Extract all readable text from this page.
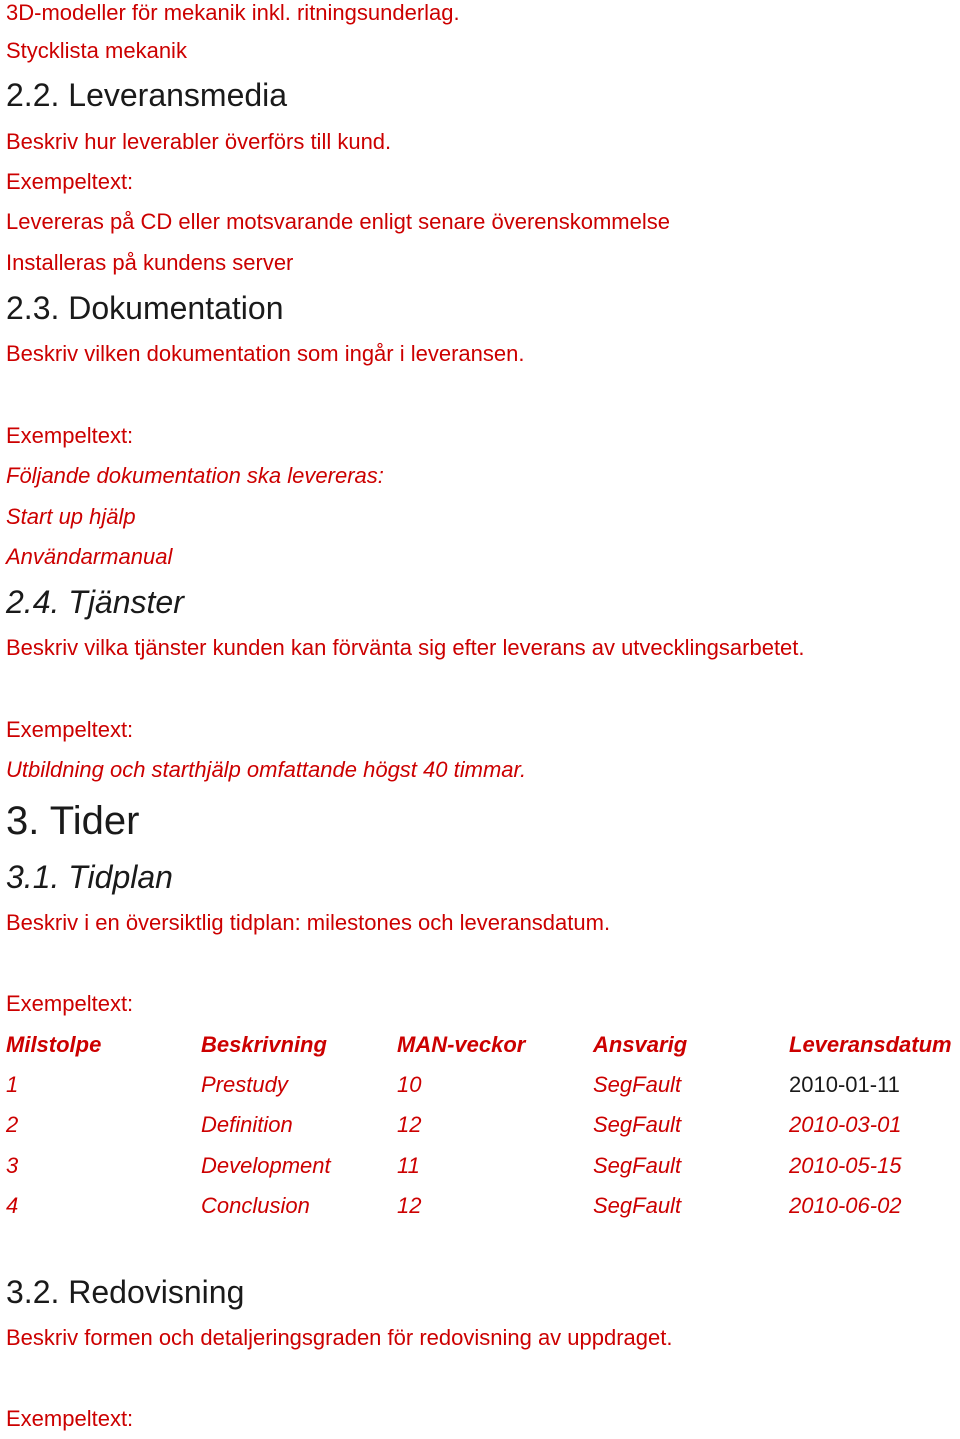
3D-modeller för mekanik inkl. ritningsunderlag.
Stycklista mekanik
2.2. Leveransmedia
Beskriv hur leverabler överförs till kund.
Exempeltext:
Levereras på CD eller motsvarande enligt senare överenskommelse
Installeras på kundens server
2.3. Dokumentation
Beskriv vilken dokumentation som ingår i leveransen.
Exempeltext:
Följande dokumentation ska levereras:
Start up hjälp
Användarmanual
2.4. Tjänster
Beskriv vilka tjänster kunden kan förvänta sig efter leverans av utvecklingsarbetet.
Exempeltext:
Utbildning och starthjälp omfattande högst 40 timmar.
3. Tider
3.1. Tidplan
Beskriv i en översiktlig tidplan: milestones och leveransdatum.
Exempeltext:
Milstolpe	Beskrivning	MAN-veckor	Ansvarig	Leveransdatum
1	Prestudy	10	SegFault	2010-01-11
2	Definition	12	SegFault	2010-03-01
3	Development	11	SegFault	2010-05-15
4	Conclusion	12	SegFault	2010-06-02
3.2. Redovisning
Beskriv formen och detaljeringsgraden för redovisning av uppdraget.
Exempeltext:
